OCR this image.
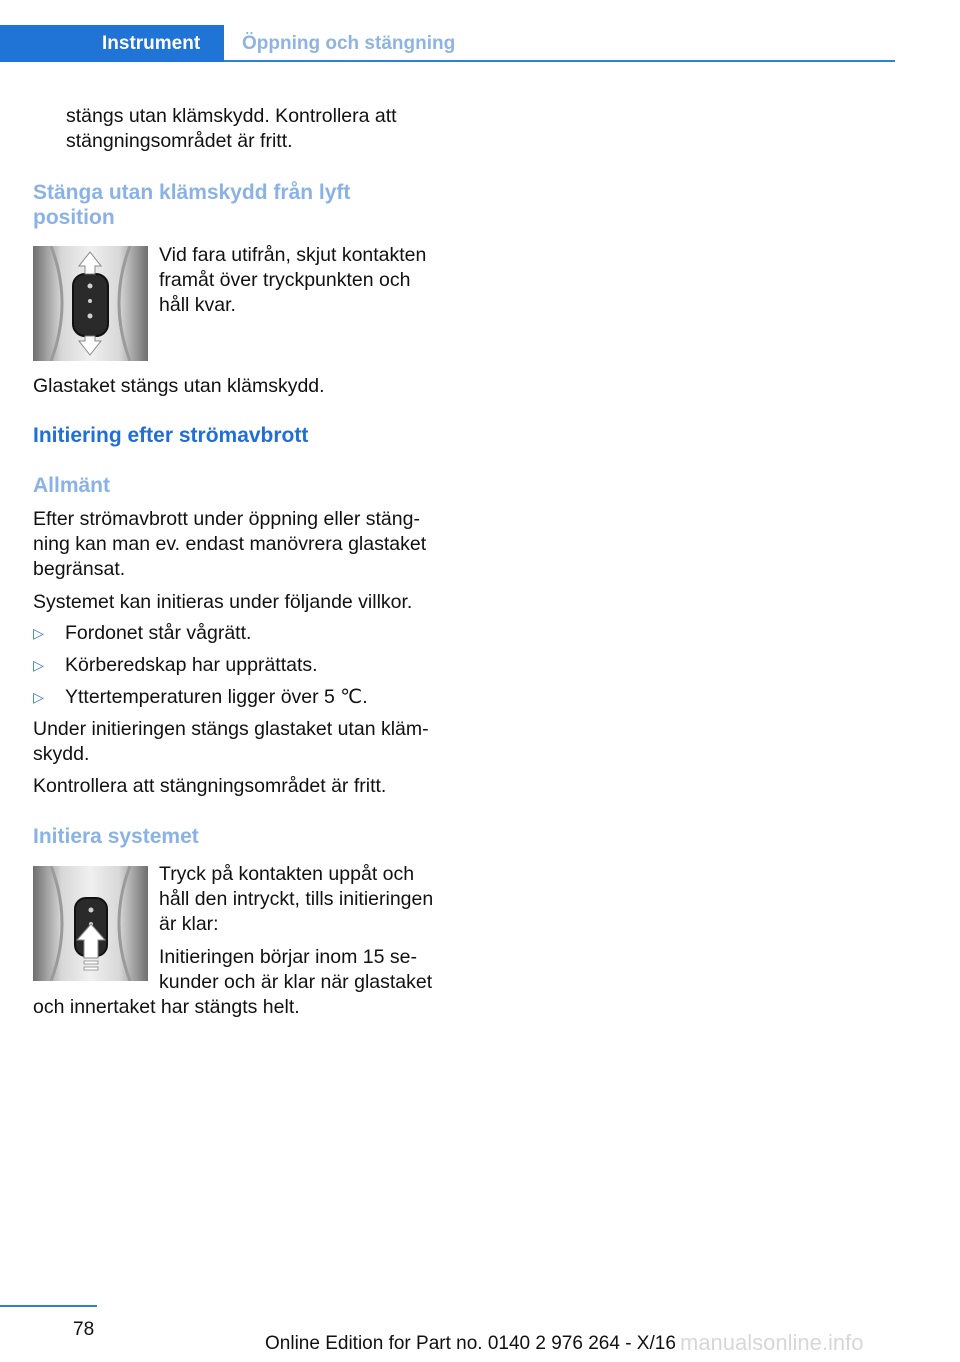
Instrument	Öppning och stängning
stängs utan klämskydd. Kontrollera att
stängningsområdet är fritt.
Stänga utan klämskydd från lyft
position
Vid fara utifrån, skjut kontakten
framåt över tryckpunkten och
håll kvar.
Glastaket stängs utan klämskydd.
Initiering efter strömavbrott
Allmänt
Efter strömavbrott under öppning eller stäng‐
ning kan man ev. endast manövrera glastaket
begränsat.
Systemet kan initieras under följande villkor.
▷	Fordonet står vågrätt.
▷	Körberedskap har upprättats.
▷	Yttertemperaturen ligger över 5 ℃.
Under initieringen stängs glastaket utan kläm‐
skydd.
Kontrollera att stängningsområdet är fritt.
Initiera systemet
Tryck på kontakten uppåt och
håll den intryckt, tills initieringen
är klar:
Initieringen börjar inom 15 se‐
kunder och är klar när glastaket
och innertaket har stängts helt.
78
Online Edition for Part no. 0140 2 976 264 - X/16 manualsonline.info
